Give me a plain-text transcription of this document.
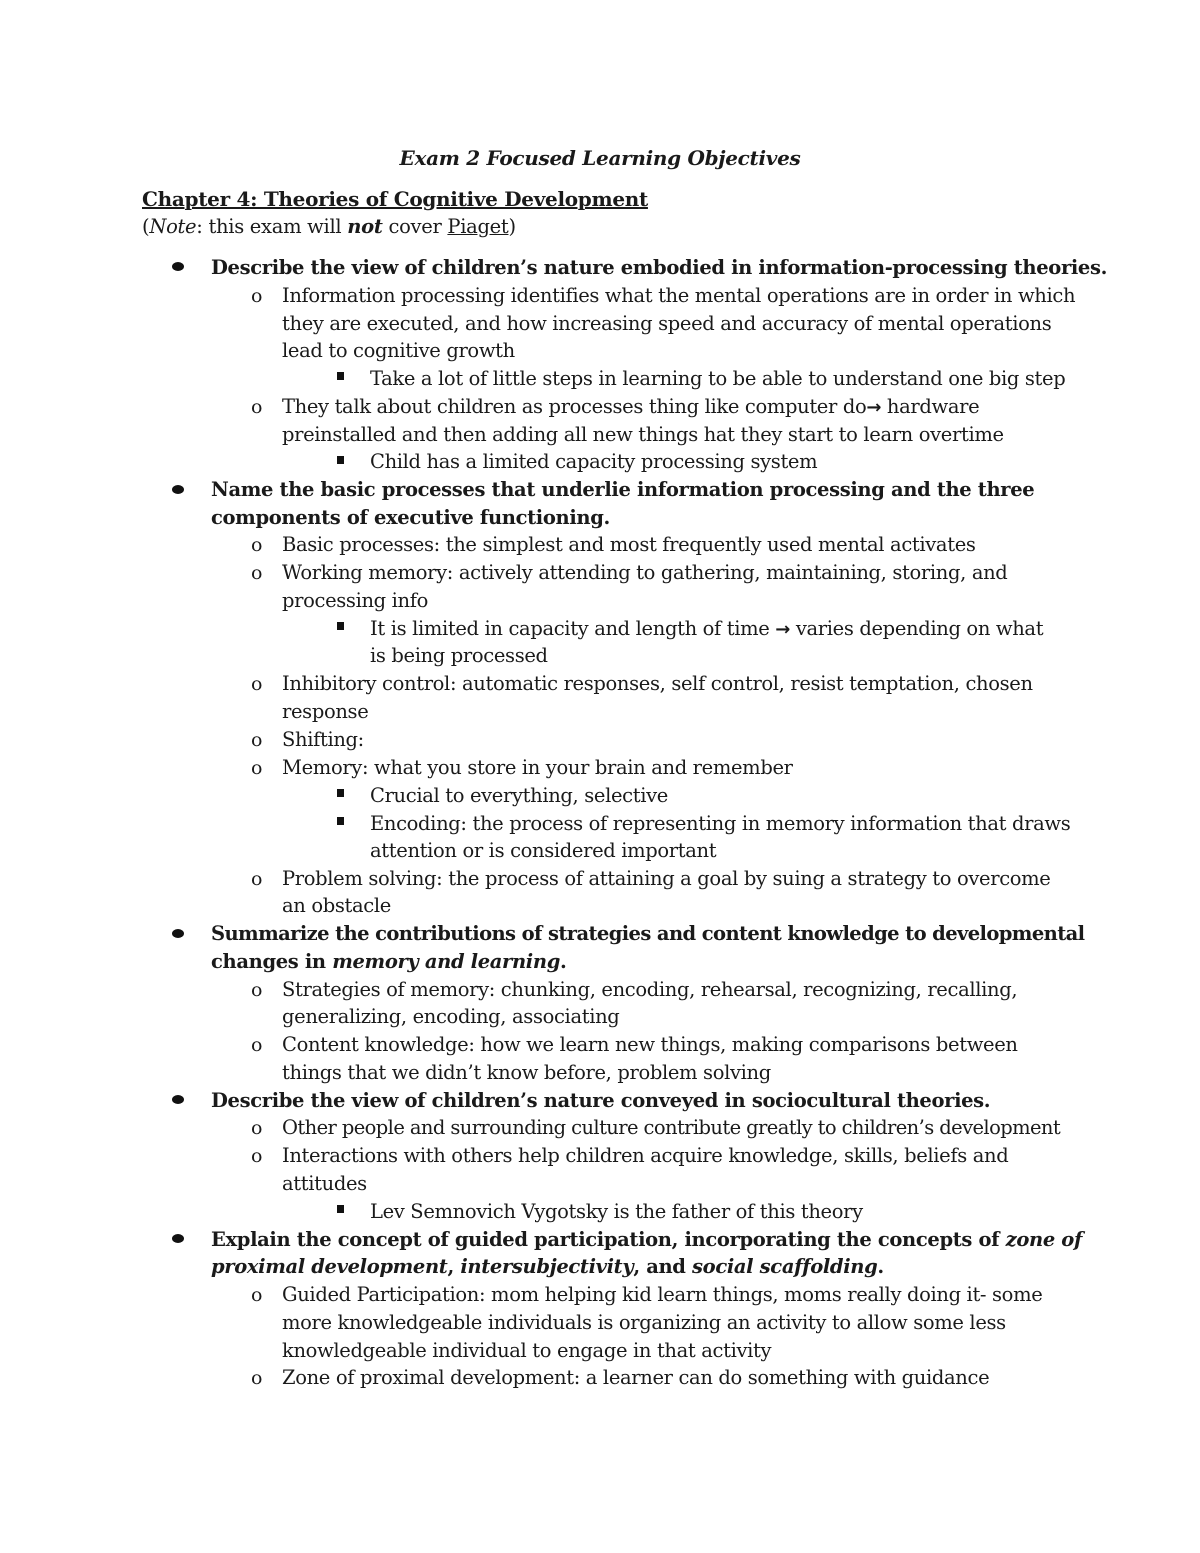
Exam 2 Focused Learning Objectives
Chapter 4: Theories of Cognitive Development
(Note: this exam will not cover Piaget)
Describe the view of children’s nature embodied in information-processing theories.
o	Information processing identifies what the mental operations are in order in which
they are executed, and how increasing speed and accuracy of mental operations
lead to cognitive growth
Take a lot of little steps in learning to be able to understand one big step
o	They talk about children as processes thing like computer do→ hardware
preinstalled and then adding all new things hat they start to learn overtime
Child has a limited capacity processing system
Name the basic processes that underlie information processing and the three
components of executive functioning.
o	Basic processes: the simplest and most frequently used mental activates
o	Working memory: actively attending to gathering, maintaining, storing, and
processing info
It is limited in capacity and length of time → varies depending on what
is being processed
o	Inhibitory control: automatic responses, self control, resist temptation, chosen
response
o	Shifting:
o	Memory: what you store in your brain and remember
Crucial to everything, selective
Encoding: the process of representing in memory information that draws
attention or is considered important
o	Problem solving: the process of attaining a goal by suing a strategy to overcome
an obstacle
Summarize the contributions of strategies and content knowledge to developmental
changes in memory and learning.
o	Strategies of memory: chunking, encoding, rehearsal, recognizing, recalling,
generalizing, encoding, associating
o	Content knowledge: how we learn new things, making comparisons between
things that we didn’t know before, problem solving
Describe the view of children’s nature conveyed in sociocultural theories.
o	Other people and surrounding culture contribute greatly to children’s development
o	Interactions with others help children acquire knowledge, skills, beliefs and
attitudes
Lev Semnovich Vygotsky is the father of this theory
Explain the concept of guided participation, incorporating the concepts of zone of
proximal development, intersubjectivity, and social scaffolding.
o	Guided Participation: mom helping kid learn things, moms really doing it- some
more knowledgeable individuals is organizing an activity to allow some less
knowledgeable individual to engage in that activity
o	Zone of proximal development: a learner can do something with guidance
